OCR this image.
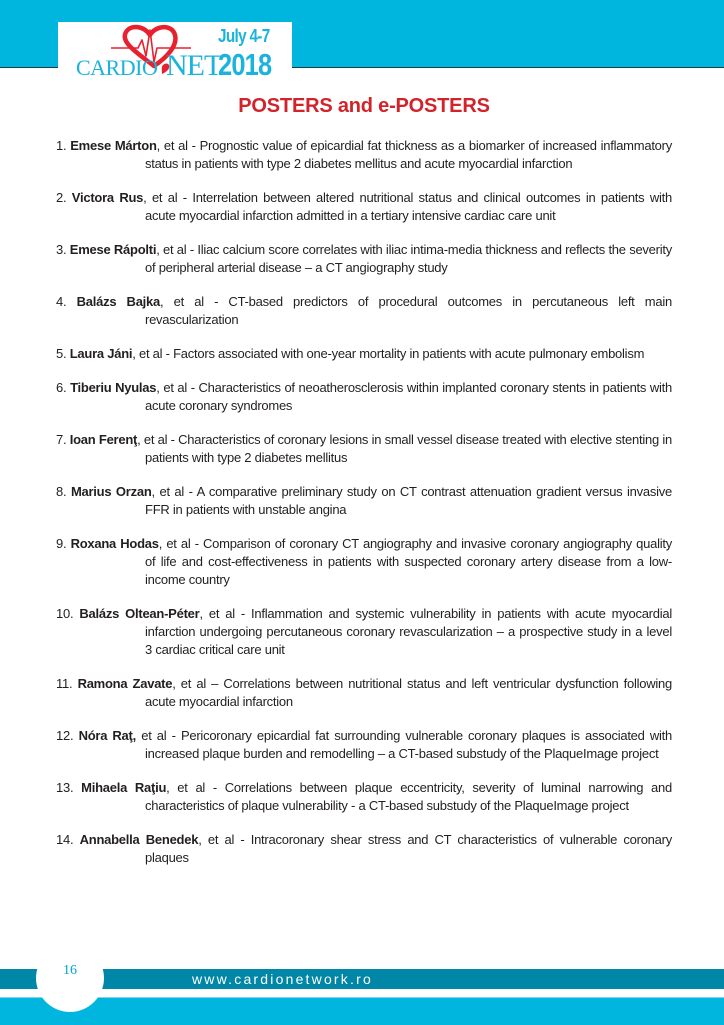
CARDIO NET
July 4-7
2018
POSTERS and e-POSTERS
1. Emese Márton, et al - Prognostic value of epicardial fat thickness as a biomarker of increased inflammatory status in patients with type 2 diabetes mellitus and acute myocardial infarction
2. Victora Rus, et al - Interrelation between altered nutritional status and clinical outcomes in patients with acute myocardial infarction admitted in a tertiary intensive cardiac care unit
3. Emese Rápolti, et al - Iliac calcium score correlates with iliac intima-media thickness and reflects the severity of peripheral arterial disease – a CT angiography study
4. Balázs Bajka, et al - CT-based predictors of procedural outcomes in percutaneous left main revascularization
5. Laura Jáni, et al - Factors associated with one-year mortality in patients with acute pulmonary embolism
6. Tiberiu Nyulas, et al - Characteristics of neoatherosclerosis within implanted coronary stents in patients with acute coronary syndromes
7. Ioan Ferenţ, et al - Characteristics of coronary lesions in small vessel disease treated with elective stenting in patients with type 2 diabetes mellitus
8. Marius Orzan, et al - A comparative preliminary study on CT contrast attenuation gradient versus invasive FFR in patients with unstable angina
9. Roxana Hodas, et al - Comparison of coronary CT angiography and invasive coronary angiography quality of life and cost-effectiveness in patients with suspected coronary artery disease from a low-income country
10. Balázs Oltean-Péter, et al - Inflammation and systemic vulnerability in patients with acute myocardial infarction undergoing percutaneous coronary revascularization – a prospective study in a level 3 cardiac critical care unit
11. Ramona Zavate, et al – Correlations between nutritional status and left ventricular dysfunction following acute myocardial infarction
12. Nóra Raţ, et al - Pericoronary epicardial fat surrounding vulnerable coronary plaques is associated with increased plaque burden and remodelling – a CT-based substudy of the PlaqueImage project
13. Mihaela Raţiu, et al - Correlations between plaque eccentricity, severity of luminal narrowing and characteristics of plaque vulnerability - a CT-based substudy of the PlaqueImage project
14. Annabella Benedek, et al - Intracoronary shear stress and CT characteristics of vulnerable coronary plaques
16
www.cardionetwork.ro
